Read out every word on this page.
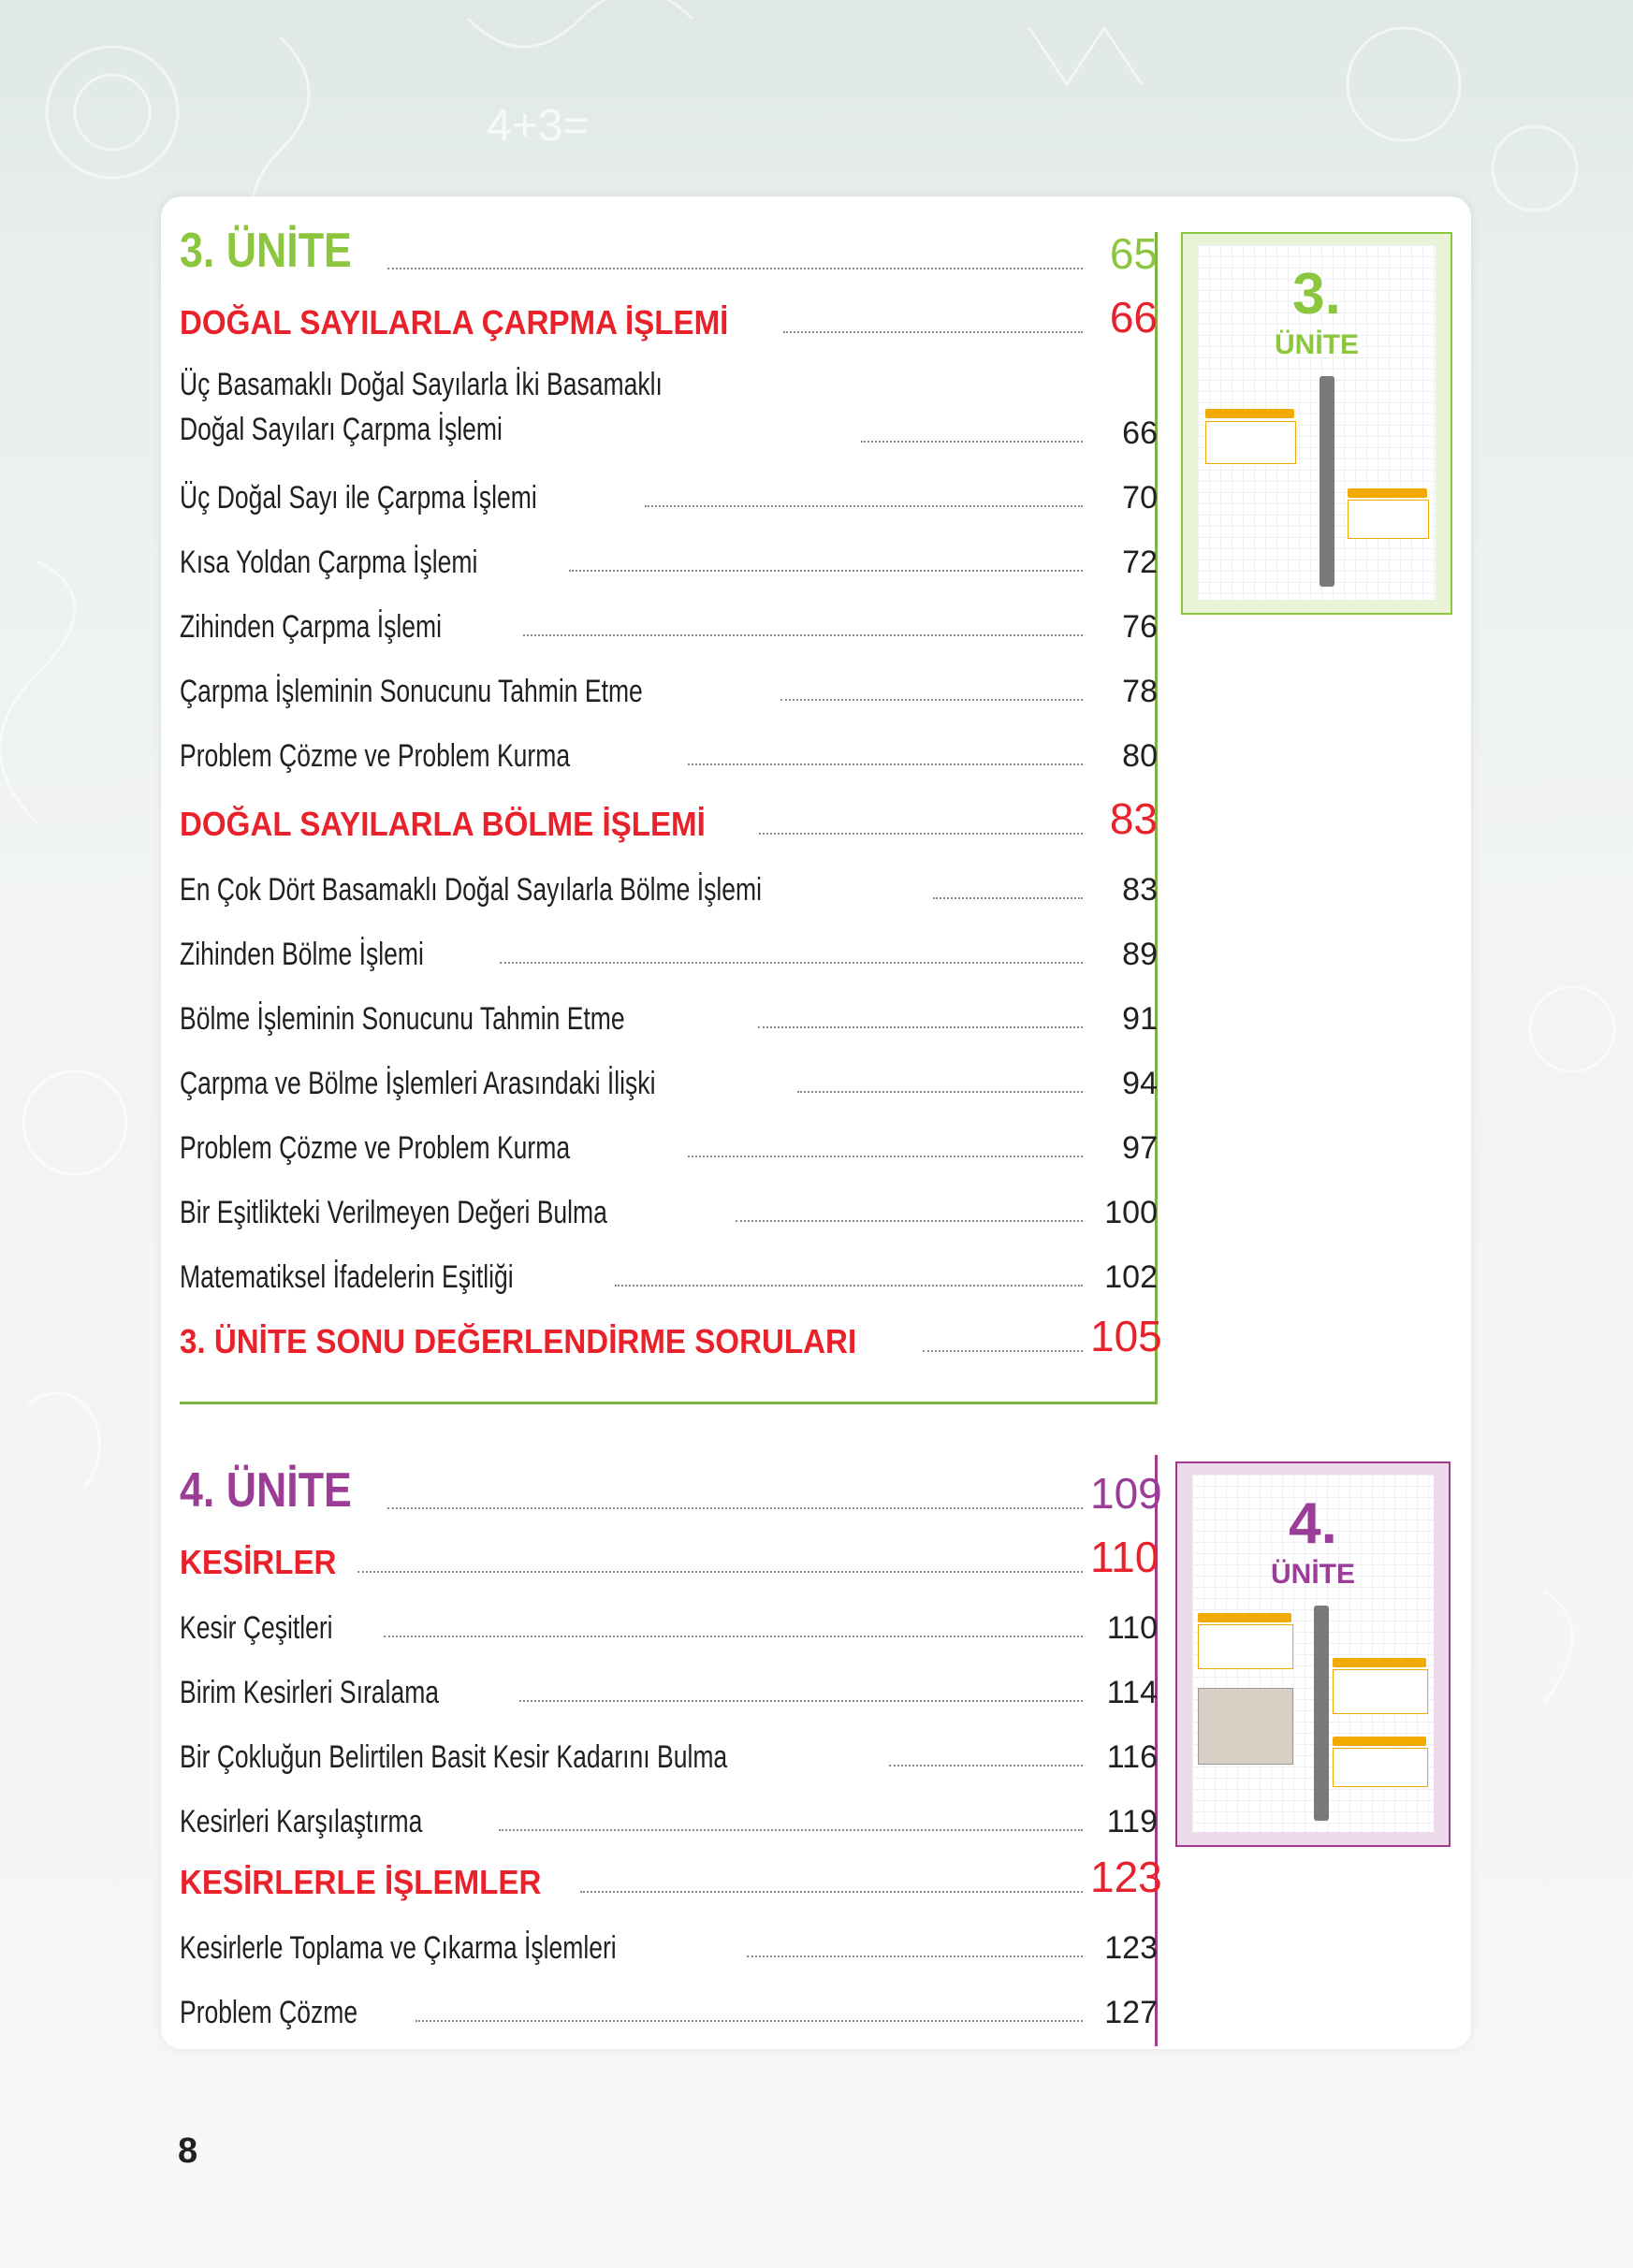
4+3=
3. ÜNİTE	65
DOĞAL SAYILARLA ÇARPMA İŞLEMİ	66
Üç Basamaklı Doğal Sayılarla İki Basamaklı Doğal Sayıları Çarpma İşlemi	66
Üç Doğal Sayı ile Çarpma İşlemi	70
Kısa Yoldan Çarpma İşlemi	72
Zihinden Çarpma İşlemi	76
Çarpma İşleminin Sonucunu Tahmin Etme	78
Problem Çözme ve Problem Kurma	80
DOĞAL SAYILARLA BÖLME İŞLEMİ	83
En Çok Dört Basamaklı Doğal Sayılarla Bölme İşlemi	83
Zihinden Bölme İşlemi	89
Bölme İşleminin Sonucunu Tahmin Etme	91
Çarpma ve Bölme İşlemleri Arasındaki İlişki	94
Problem Çözme ve Problem Kurma	97
Bir Eşitlikteki Verilmeyen Değeri Bulma	100
Matematiksel İfadelerin Eşitliği	102
3. ÜNİTE SONU DEĞERLENDİRME SORULARI	105
3.
ÜNİTE
4. ÜNİTE	109
KESİRLER	110
Kesir Çeşitleri	110
Birim Kesirleri Sıralama	114
Bir Çokluğun Belirtilen Basit Kesir Kadarını Bulma	116
Kesirleri Karşılaştırma	119
KESİRLERLE İŞLEMLER	123
Kesirlerle Toplama ve Çıkarma İşlemleri	123
Problem Çözme	127
4.
ÜNİTE
8
